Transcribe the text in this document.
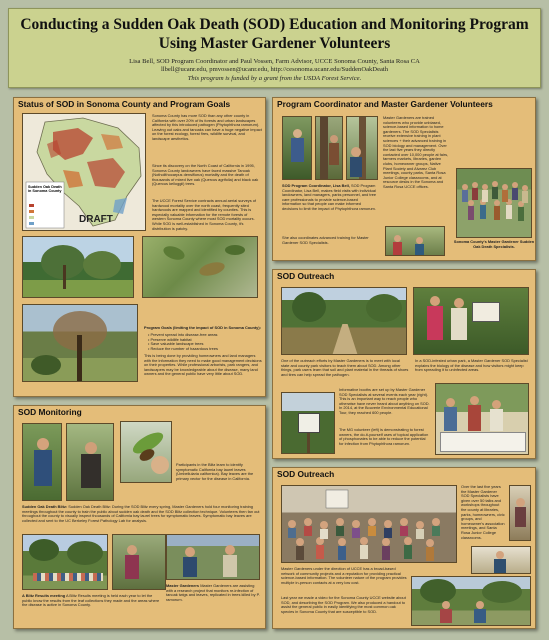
Conducting a Sudden Oak Death (SOD) Education and Monitoring Program
Using Master Gardener Volunteers
Lisa Bell, SOD Program Coordinator and Paul Vossen, Farm Advisor, UCCE Sonoma County, Santa Rosa CA
llbell@ucanr.edu, pmvossen@ucanr.edu, http://cesonoma.ucanr.edu/SuddenOakDeath
This program is funded by a grant from the USDA Forest Service.
Status of SOD in Sonoma County and Program Goals
Sudden Oak Death in Sonoma County
DRAFT
Sonoma County has more SOD than any other county in California with over 20% of its forests and urban landscapes affected by this introduced pathogen (Phytophthora ramorum). Leaving out oaks and tanoaks can have a huge negative impact on the forest ecology, forest fires, wildlife survival, and landscape aesthetics.
Since its discovery on the North Coast of California in 1995, Sonoma County landowners have faced massive Tanoak (Notholithocarpus densiflorus) mortality and the death of thousands of mixed live oak (Quercus agrifolia) and black oak (Quercus kelloggii) trees.
The UCCE Forest Service contracts annual aerial surveys of hardwood mortality over the north coast, frequently sited hardwoods are mapped and identified by counties. This is especially valuable information for the remote forests of western Sonoma County where most SOD mortality occurs. While SOD is well-established in Sonoma County, it's distribution is patchy.
Program Goals (limiting the impact of SOD in Sonoma County):
• Prevent spread into disease-free areas
• Preserve wildlife habitat
• Save valuable landscape trees
• Reduce the number of hazardous trees
This is being done by providing homeowners and land managers with the information they need to make good management decisions on their properties. While professional arborists, park rangers, and landscapers may be knowledgeable about the disease, many land owners and the general public have very little about SOD.
Program Coordinator and Master Gardener Volunteers
SOD Program Coordinator, Lisa Bell, SOD Program Coordinator, Lisa Bell, makes field visits with individual landowners, land managers, parks personnel, and tree care professionals to provide science-based information so that people can make informed decisions to limit the impact of Phytophthora ramorum.
She also coordinates advanced training for Master Gardener SOD Specialists.
Master Gardeners are trained volunteers who provide unbiased, science-based information to home gardeners. The SOD Specialists receive extensive training in plant sciences + their advanced training in SOD biology and management. Over the last five years they directly contacted over 10,000 people at fairs, farmers markets, libraries, garden clubs, homeowner groups, Native Plant Society and Alvarez Club meetings, county parks, Santa Rosa Junior College classrooms, and at resource desks in the Sonoma and Santa Rosa UCCE offices.
Sonoma County's Master Gardener Sudden Oak Death Specialists.
SOD Outreach
One of the outreach efforts by Master Gardeners is to meet with local state and county park visitors to teach them about SOD. Among other things, park users learn that soil and plant material in the threads of shoes and tires can help spread the pathogen.
In a SOD-infested urban park, a Master Gardener SOD Specialist explains the biology of the disease and how visitors might keep from spreading it to uninfected areas.
Informative booths are set up by Master Gardener SOD Specialists at several events each year (right). This is an important way to reach people who otherwise have never heard about anything on SOD. In 2014, at the Bouverie Environmental Educational Tour, they reached 600 people.
The MG volunteer (left) is demonstrating to forest owners, the do-it-yourself uses of topical application of phosphonates to be able to reduce the potential for infection from Phytophthora ramorum.
SOD Monitoring
Participants in the Blitz learn to identify symptomatic California bay laurel leaves (Umbellularia californica). Bay leaves are the primary vector for the disease in California.
Sudden Oak Death Blitz: Sudden Oak Death Blitz: During the SOD Blitz every spring, Master Gardeners hold four monitoring training meetings throughout the county to train the public about sudden oak death and the SOD Blitz collection technique. Volunteers then fan out throughout the county to visually inspect thousands of California bay laurel trees for symptomatic leaves. Symptomatic bay leaves are collected and sent to the UC Berkeley Forest Pathology Lab for analysis.
A Blitz Results meeting A Blitz Results meeting is held each year to let the public know the results from the leaf collections they made and the areas where the disease is active in Sonoma County.
Master Gardeners Master Gardeners are assisting with a research project that monitors re-infection of tanoak twigs and leaves, replicated in trees killed by P. ramorum.
SOD Outreach
Over the last five years the Master Gardener SOD Specialists have given over 50 talks and workshops throughout the county at libraries, parks, homeowners, civic groups, and homeowner's association meetings, and Santa Rosa Junior College classrooms.
Master Gardeners under the direction of UCCE has a broad-based network of community projects and a reputation for providing practical science-based information. The volunteer nature of the program provides multiple in-person contacts at a very low cost.
Last year we made a video for the Sonoma County UCCE website about SOD, and describing the SOD Program. We also produced a handout to assist the general public in easily identifying the most common oak species in Sonoma County that are susceptible to SOD.
